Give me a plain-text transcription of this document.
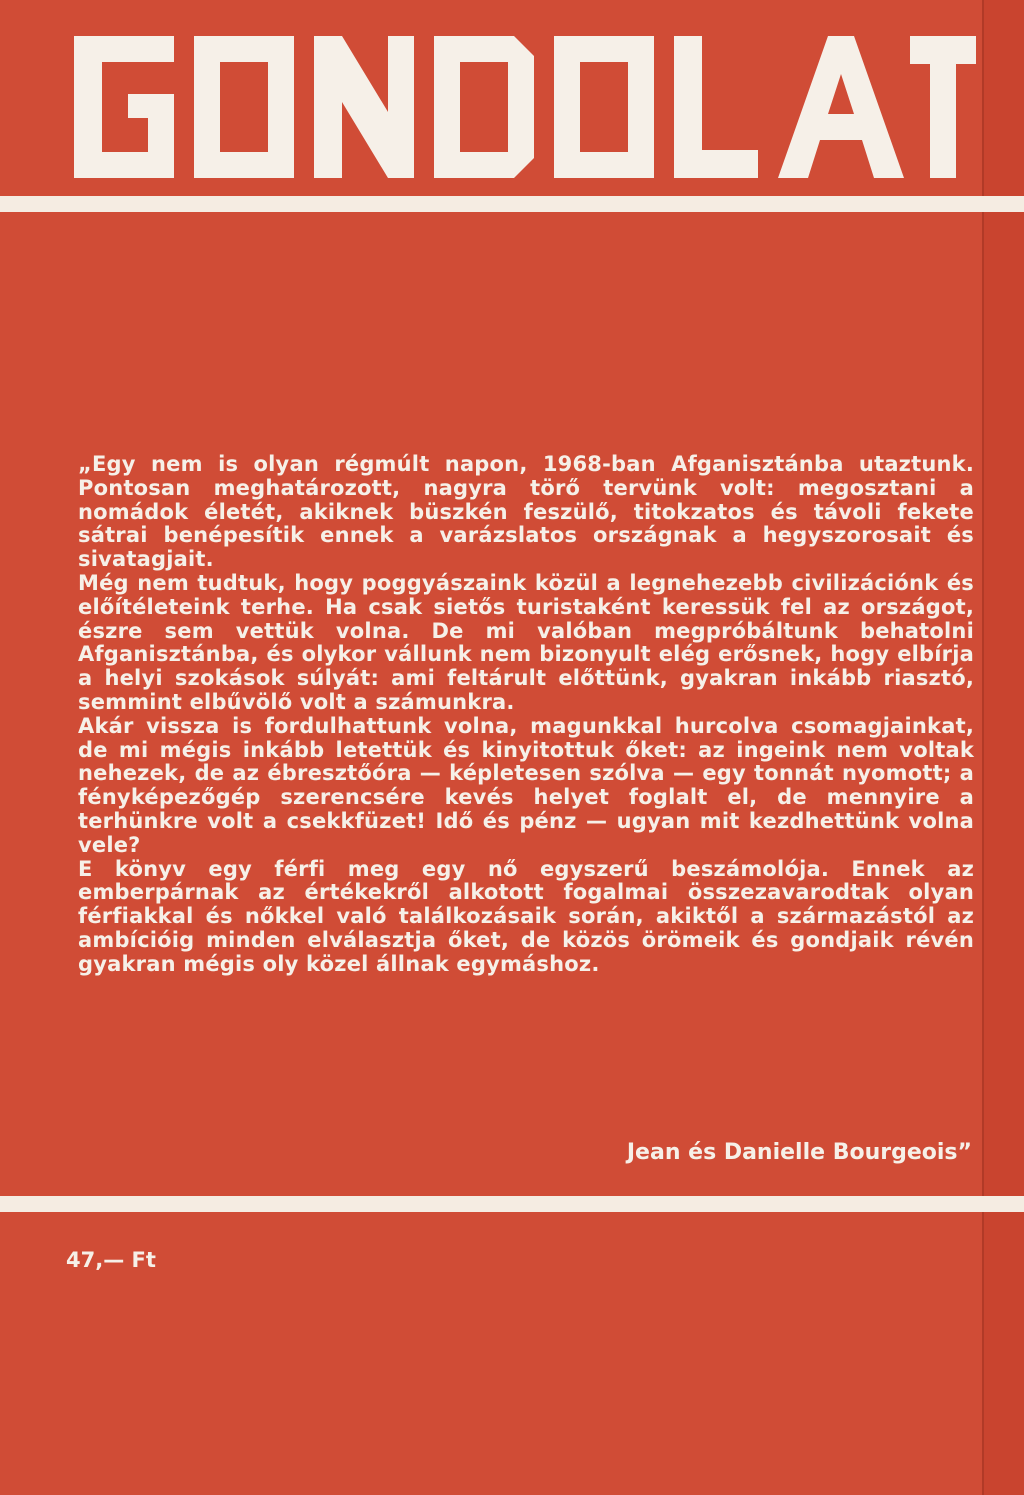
„Egy nem is olyan régmúlt napon, 1968-ban Afganisztánba utaztunk. Pontosan meghatározott, nagyra törő tervünk volt: megosztani a nomádok életét, akiknek büszkén feszülő, titokzatos és távoli fekete sátrai benépesítik ennek a varázslatos országnak a hegyszorosait és sivatagjait.

Még nem tudtuk, hogy poggyászaink közül a legnehezebb civilizációnk és előítéleteink terhe. Ha csak sietős turistaként keressük fel az országot, észre sem vettük volna. De mi valóban megpróbáltunk behatolni Afganisztánba, és olykor vállunk nem bizonyult elég erősnek, hogy elbírja a helyi szokások súlyát: ami feltárult előttünk, gyakran inkább riasztó, semmint elbűvölő volt a számunkra.

Akár vissza is fordulhattunk volna, magunkkal hurcolva csomagjainkat, de mi mégis inkább letettük és kinyitottuk őket: az ingeink nem voltak nehezek, de az ébresztőóra — képletesen szólva — egy tonnát nyomott; a fényképezőgép szerencsére kevés helyet foglalt el, de mennyire a terhünkre volt a csekkfüzet! Idő és pénz — ugyan mit kezdhettünk volna vele?

E könyv egy férfi meg egy nő egyszerű beszámolója. Ennek az emberpárnak az értékekről alkotott fogalmai összezavarodtak olyan férfiakkal és nőkkel való találkozásaik során, akiktől a származástól az ambícióig minden elválasztja őket, de közös örömeik és gondjaik révén gyakran mégis oly közel állnak egymáshoz.

Jean és Danielle Bourgeois”
47,— Ft
